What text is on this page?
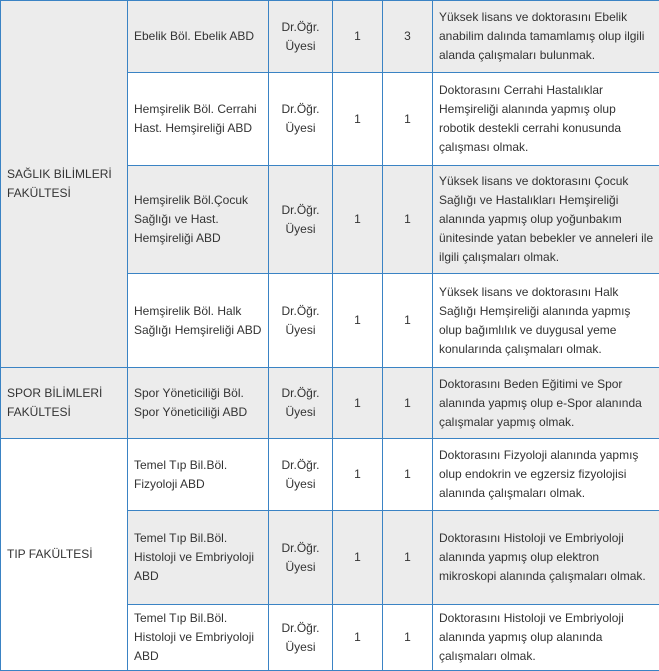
SAĞLIK BİLİMLERİ FAKÜLTESİ	Ebelik Böl. Ebelik ABD	Dr.Öğr. Üyesi	1	3	Yüksek lisans ve doktorasını Ebelik anabilim dalında tamamlamış olup ilgili alanda çalışmaları bulunmak.
	Hemşirelik Böl. Cerrahi Hast. Hemşireliği ABD	Dr.Öğr. Üyesi	1	1	Doktorasını Cerrahi Hastalıklar Hemşireliği alanında yapmış olup robotik destekli cerrahi konusunda çalışması olmak.
	Hemşirelik Böl.Çocuk Sağlığı ve Hast. Hemşireliği ABD	Dr.Öğr. Üyesi	1	1	Yüksek lisans ve doktorasını Çocuk Sağlığı ve Hastalıkları Hemşireliği alanında yapmış olup yoğunbakım ünitesinde yatan bebekler ve anneleri ile ilgili çalışmaları olmak.
	Hemşirelik Böl. Halk Sağlığı Hemşireliği ABD	Dr.Öğr. Üyesi	1	1	Yüksek lisans ve doktorasını Halk Sağlığı Hemşireliği alanında yapmış olup bağımlılık ve duygusal yeme konularında çalışmaları olmak.
SPOR BİLİMLERİ FAKÜLTESİ	Spor Yöneticiliği Böl. Spor Yöneticiliği ABD	Dr.Öğr. Üyesi	1	1	Doktorasını Beden Eğitimi ve Spor alanında yapmış olup e-Spor alanında çalışmalar yapmış olmak.
TIP FAKÜLTESİ	Temel Tıp Bil.Böl. Fizyoloji ABD	Dr.Öğr. Üyesi	1	1	Doktorasını Fizyoloji alanında yapmış olup endokrin ve egzersiz fizyolojisi alanında çalışmaları olmak.
	Temel Tıp Bil.Böl. Histoloji ve Embriyoloji ABD	Dr.Öğr. Üyesi	1	1	Doktorasını Histoloji ve Embriyoloji alanında yapmış olup elektron mikroskopi alanında çalışmaları olmak.
	Temel Tıp Bil.Böl. Histoloji ve Embriyoloji ABD	Dr.Öğr. Üyesi	1	1	Doktorasını Histoloji ve Embriyoloji alanında yapmış olup alanında çalışmaları olmak.
